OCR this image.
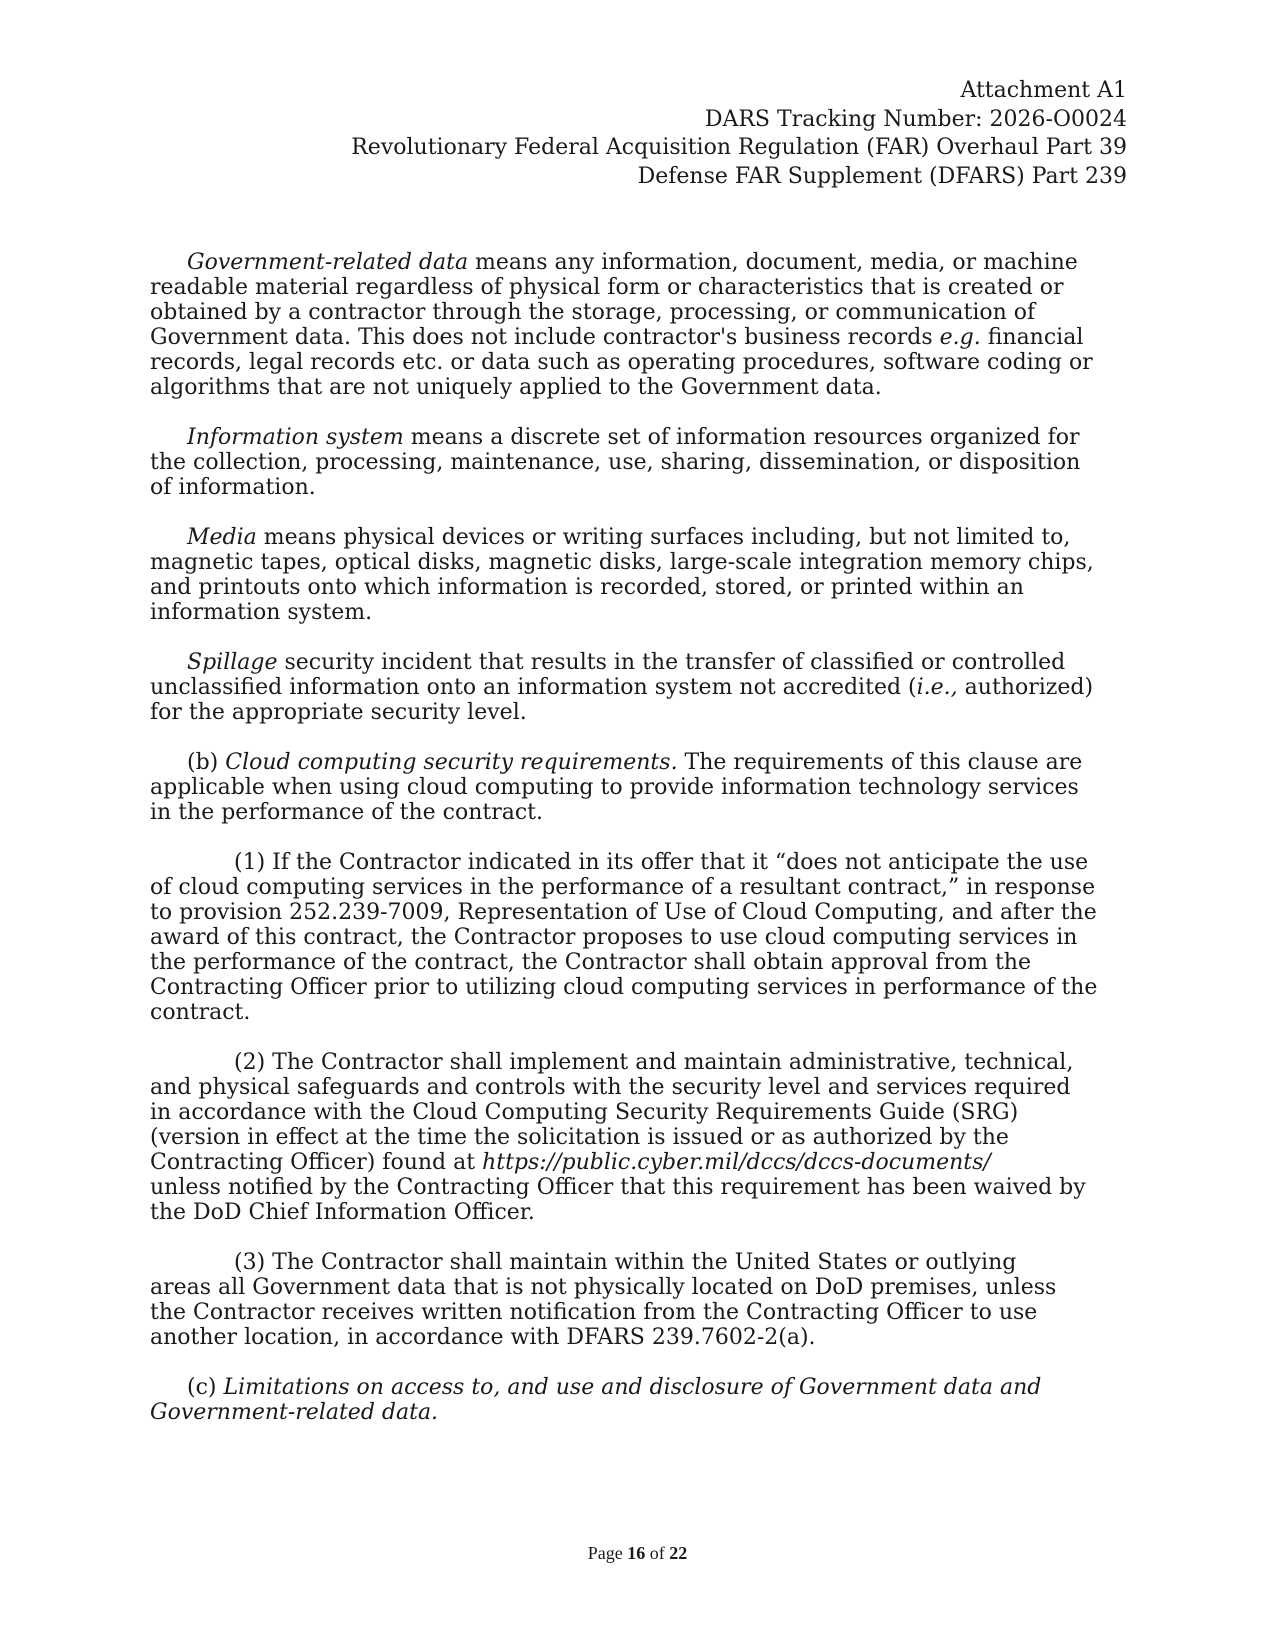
Attachment A1
DARS Tracking Number: 2026-O0024
Revolutionary Federal Acquisition Regulation (FAR) Overhaul Part 39
Defense FAR Supplement (DFARS) Part 239
Government-related data means any information, document, media, or machine
readable material regardless of physical form or characteristics that is created or
obtained by a contractor through the storage, processing, or communication of
Government data. This does not include contractor's business records e.g. financial
records, legal records etc. or data such as operating procedures, software coding or
algorithms that are not uniquely applied to the Government data.
Information system means a discrete set of information resources organized for
the collection, processing, maintenance, use, sharing, dissemination, or disposition
of information.
Media means physical devices or writing surfaces including, but not limited to,
magnetic tapes, optical disks, magnetic disks, large-scale integration memory chips,
and printouts onto which information is recorded, stored, or printed within an
information system.
Spillage security incident that results in the transfer of classified or controlled
unclassified information onto an information system not accredited (i.e., authorized)
for the appropriate security level.
(b) Cloud computing security requirements. The requirements of this clause are
applicable when using cloud computing to provide information technology services
in the performance of the contract.
(1) If the Contractor indicated in its offer that it “does not anticipate the use
of cloud computing services in the performance of a resultant contract,” in response
to provision 252.239-7009, Representation of Use of Cloud Computing, and after the
award of this contract, the Contractor proposes to use cloud computing services in
the performance of the contract, the Contractor shall obtain approval from the
Contracting Officer prior to utilizing cloud computing services in performance of the
contract.
(2) The Contractor shall implement and maintain administrative, technical,
and physical safeguards and controls with the security level and services required
in accordance with the Cloud Computing Security Requirements Guide (SRG)
(version in effect at the time the solicitation is issued or as authorized by the
Contracting Officer) found at https://public.cyber.mil/dccs/dccs-documents/
unless notified by the Contracting Officer that this requirement has been waived by
the DoD Chief Information Officer.
(3) The Contractor shall maintain within the United States or outlying
areas all Government data that is not physically located on DoD premises, unless
the Contractor receives written notification from the Contracting Officer to use
another location, in accordance with DFARS 239.7602-2(a).
(c) Limitations on access to, and use and disclosure of Government data and
Government-related data.
Page 16 of 22
